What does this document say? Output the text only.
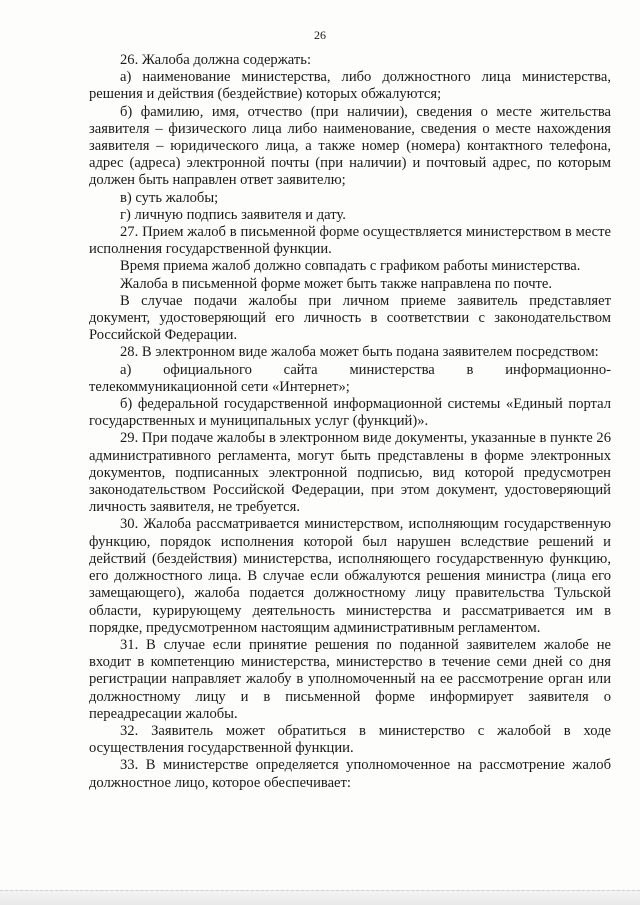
26

26. Жалоба должна содержать:

а) наименование министерства, либо должностного лица министерства, решения и действия (бездействие) которых обжалуются;

б) фамилию, имя, отчество (при наличии), сведения о месте жительства заявителя – физического лица либо наименование, сведения о месте нахождения заявителя – юридического лица, а также номер (номера) контактного телефона, адрес (адреса) электронной почты (при наличии) и почтовый адрес, по которым должен быть направлен ответ заявителю;

в) суть жалобы;

г) личную подпись заявителя и дату.

27. Прием жалоб в письменной форме осуществляется министерством в месте исполнения государственной функции.

Время приема жалоб должно совпадать с графиком работы министерства.

Жалоба в письменной форме может быть также направлена по почте.

В случае подачи жалобы при личном приеме заявитель представляет документ, удостоверяющий его личность в соответствии с законодательством Российской Федерации.

28. В электронном виде жалоба может быть подана заявителем посредством:

а) официального сайта министерства в информационно-телекоммуникационной сети «Интернет»;

б) федеральной государственной информационной системы «Единый портал государственных и муниципальных услуг (функций)».

29. При подаче жалобы в электронном виде документы, указанные в пункте 26 административного регламента, могут быть представлены в форме электронных документов, подписанных электронной подписью, вид которой предусмотрен законодательством Российской Федерации, при этом документ, удостоверяющий личность заявителя, не требуется.

30. Жалоба рассматривается министерством, исполняющим государственную функцию, порядок исполнения которой был нарушен вследствие решений и действий (бездействия) министерства, исполняющего государственную функцию, его должностного лица. В случае если обжалуются решения министра (лица его замещающего), жалоба подается должностному лицу правительства Тульской области, курирующему деятельность министерства и рассматривается им в порядке, предусмотренном настоящим административным регламентом.

31. В случае если принятие решения по поданной заявителем жалобе не входит в компетенцию министерства, министерство в течение семи дней со дня регистрации направляет жалобу в уполномоченный на ее рассмотрение орган или должностному лицу и в письменной форме информирует заявителя о переадресации жалобы.

32. Заявитель может обратиться в министерство с жалобой в ходе осуществления государственной функции.

33. В министерстве определяется уполномоченное на рассмотрение жалоб должностное лицо, которое обеспечивает:
